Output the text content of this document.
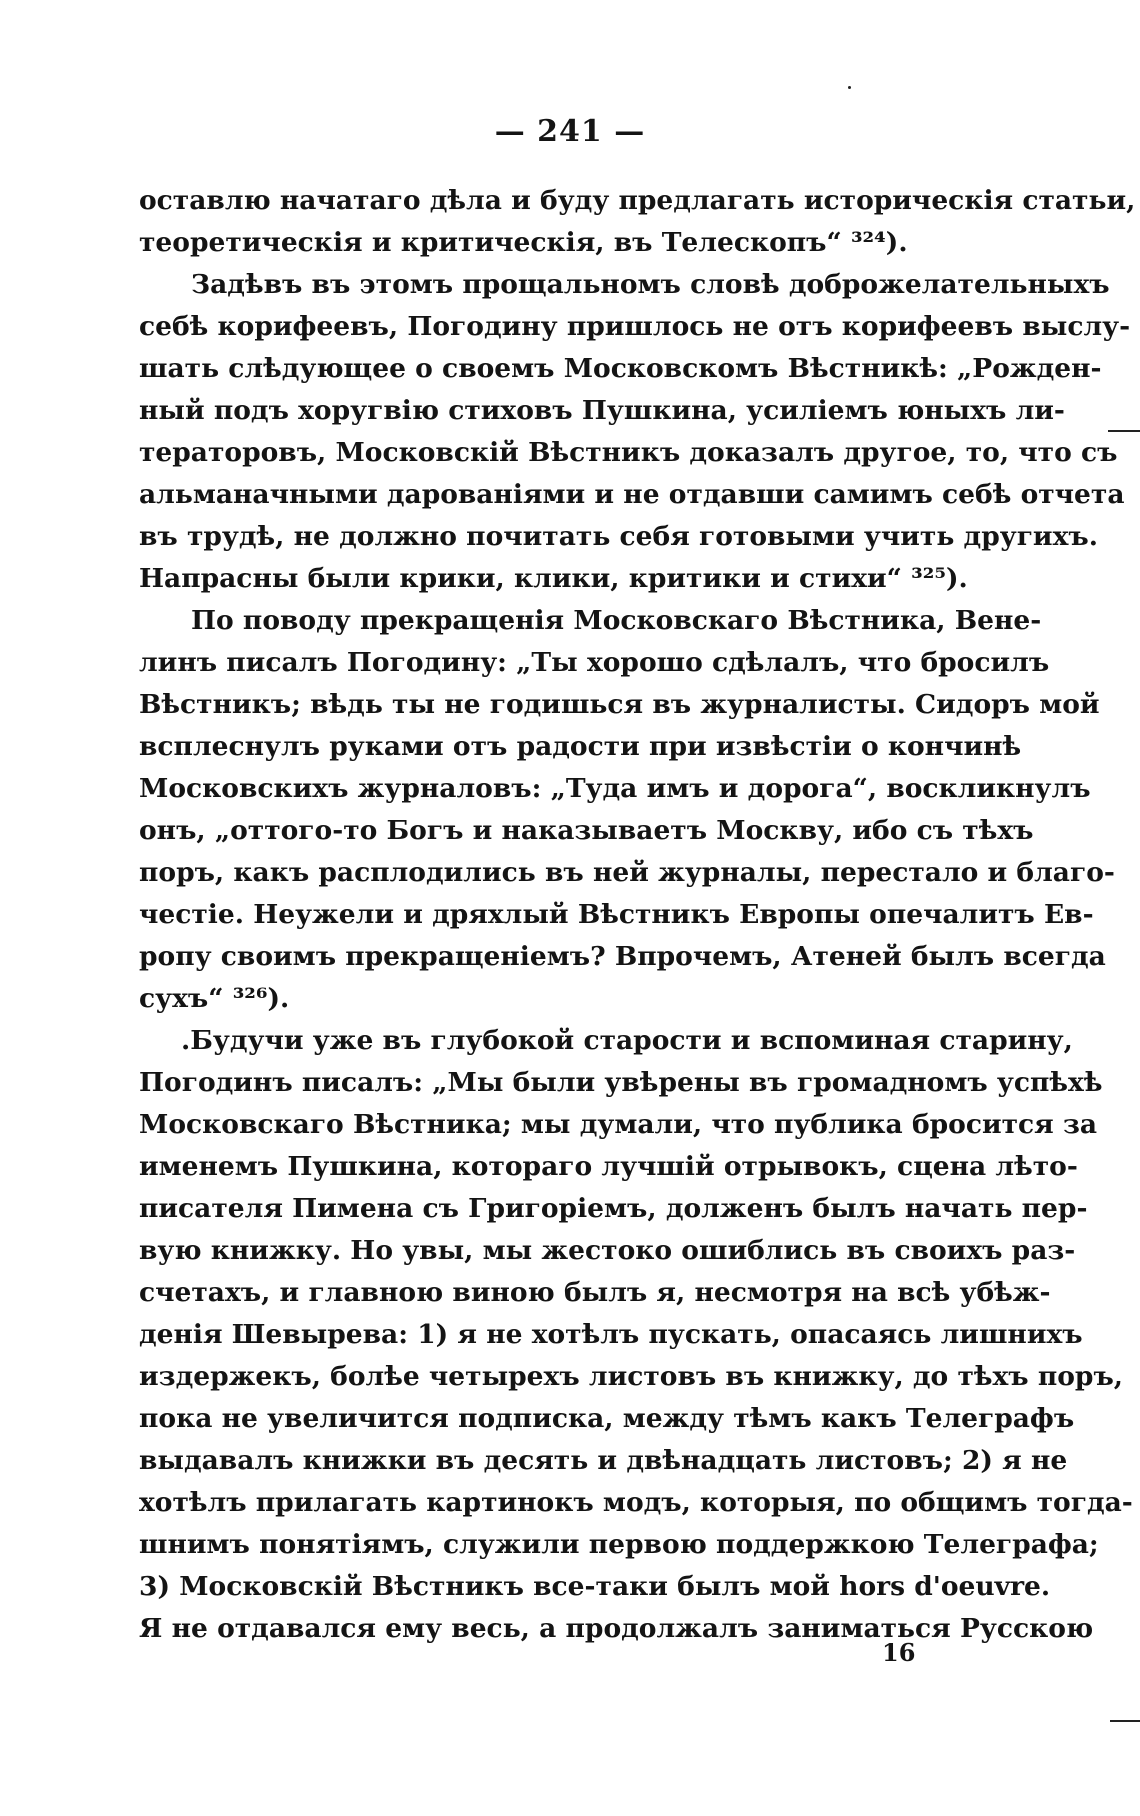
— 241 —
оставлю начатаго дѣла и буду предлагать историческія статьи,
теоретическія и критическія, въ Телескопъ“ ³²⁴).
Задѣвъ въ этомъ прощальномъ словѣ доброжелательныхъ
себѣ корифеевъ, Погодину пришлось не отъ корифеевъ выслу-
шать слѣдующее о своемъ Московскомъ Вѣстникѣ: „Рожден-
ный подъ хоругвію стиховъ Пушкина, усиліемъ юныхъ ли-
тераторовъ, Московскій Вѣстникъ доказалъ другое, то, что съ
альманачными дарованіями и не отдавши самимъ себѣ отчета
въ трудѣ, не должно почитать себя готовыми учить другихъ.
Напрасны были крики, клики, критики и стихи“ ³²⁵).
По поводу прекращенія Московскаго Вѣстника, Вене-
линъ писалъ Погодину: „Ты хорошо сдѣлалъ, что бросилъ
Вѣстникъ; вѣдь ты не годишься въ журналисты. Сидоръ мой
всплеснулъ руками отъ радости при извѣстіи о кончинѣ
Московскихъ журналовъ: „Туда имъ и дорога“, воскликнулъ
онъ, „оттого-то Богъ и наказываетъ Москву, ибо съ тѣхъ
поръ, какъ расплодились въ ней журналы, перестало и благо-
честіе. Неужели и дряхлый Вѣстникъ Европы опечалитъ Ев-
ропу своимъ прекращеніемъ? Впрочемъ, Атеней былъ всегда
сухъ“ ³²⁶).
.Будучи уже въ глубокой старости и вспоминая старину,
Погодинъ писалъ: „Мы были увѣрены въ громадномъ успѣхѣ
Московскаго Вѣстника; мы думали, что публика бросится за
именемъ Пушкина, котораго лучшій отрывокъ, сцена лѣто-
писателя Пимена съ Григоріемъ, долженъ былъ начать пер-
вую книжку. Но увы, мы жестоко ошиблись въ своихъ раз-
счетахъ, и главною виною былъ я, несмотря на всѣ убѣж-
денія Шевырева: 1) я не хотѣлъ пускать, опасаясь лишнихъ
издержекъ, болѣе четырехъ листовъ въ книжку, до тѣхъ поръ,
пока не увеличится подписка, между тѣмъ какъ Телеграфъ
выдавалъ книжки въ десять и двѣнадцать листовъ; 2) я не
хотѣлъ прилагать картинокъ модъ, которыя, по общимъ тогда-
шнимъ понятіямъ, служили первою поддержкою Телеграфа;
3) Московскій Вѣстникъ все-таки былъ мой hors d'oeuvre.
Я не отдавался ему весь, а продолжалъ заниматься Русскою
16
